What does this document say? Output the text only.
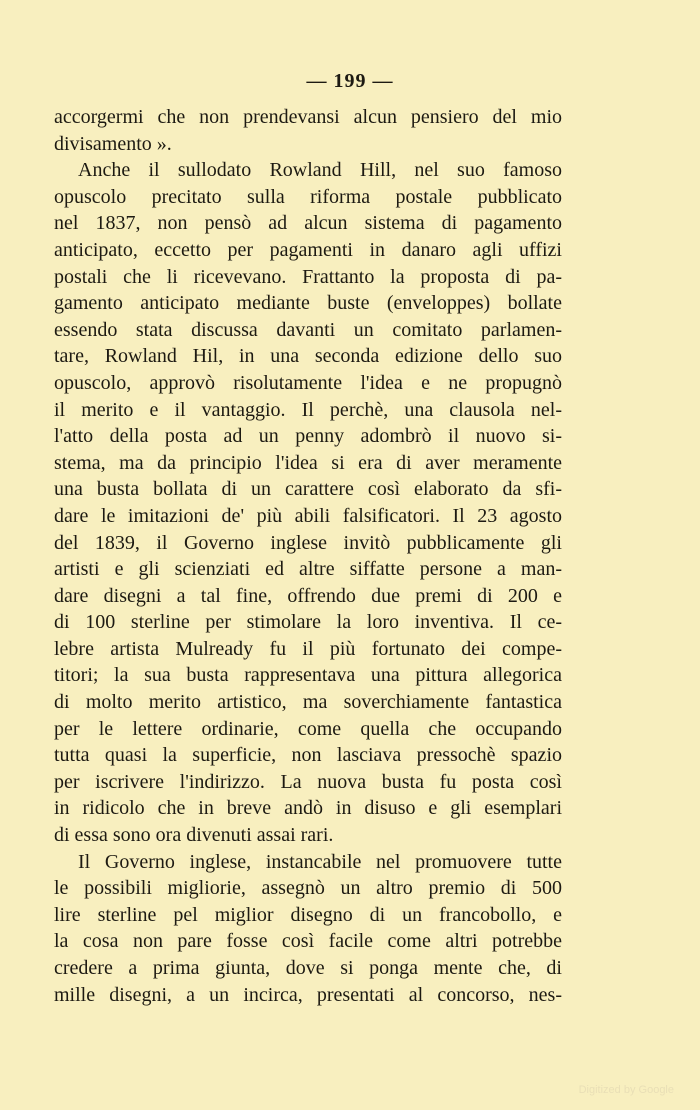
— 199 —
accorgermi che non prendevansi alcun pensiero del mio
divisamento ».
Anche il sullodato Rowland Hill, nel suo famoso
opuscolo precitato sulla riforma postale pubblicato
nel 1837, non pensò ad alcun sistema di pagamento
anticipato, eccetto per pagamenti in danaro agli uffizi
postali che li ricevevano. Frattanto la proposta di pa-
gamento anticipato mediante buste (enveloppes) bollate
essendo stata discussa davanti un comitato parlamen-
tare, Rowland Hil, in una seconda edizione dello suo
opuscolo, approvò risolutamente l'idea e ne propugnò
il merito e il vantaggio. Il perchè, una clausola nel-
l'atto della posta ad un penny adombrò il nuovo si-
stema, ma da principio l'idea si era di aver meramente
una busta bollata di un carattere così elaborato da sfi-
dare le imitazioni de' più abili falsificatori. Il 23 agosto
del 1839, il Governo inglese invitò pubblicamente gli
artisti e gli scienziati ed altre siffatte persone a man-
dare disegni a tal fine, offrendo due premi di 200 e
di 100 sterline per stimolare la loro inventiva. Il ce-
lebre artista Mulready fu il più fortunato dei compe-
titori; la sua busta rappresentava una pittura allegorica
di molto merito artistico, ma soverchiamente fantastica
per le lettere ordinarie, come quella che occupando
tutta quasi la superficie, non lasciava pressochè spazio
per iscrivere l'indirizzo. La nuova busta fu posta così
in ridicolo che in breve andò in disuso e gli esemplari
di essa sono ora divenuti assai rari.
Il Governo inglese, instancabile nel promuovere tutte
le possibili migliorie, assegnò un altro premio di 500
lire sterline pel miglior disegno di un francobollo, e
la cosa non pare fosse così facile come altri potrebbe
credere a prima giunta, dove si ponga mente che, di
mille disegni, a un incirca, presentati al concorso, nes-
Digitized by Google
